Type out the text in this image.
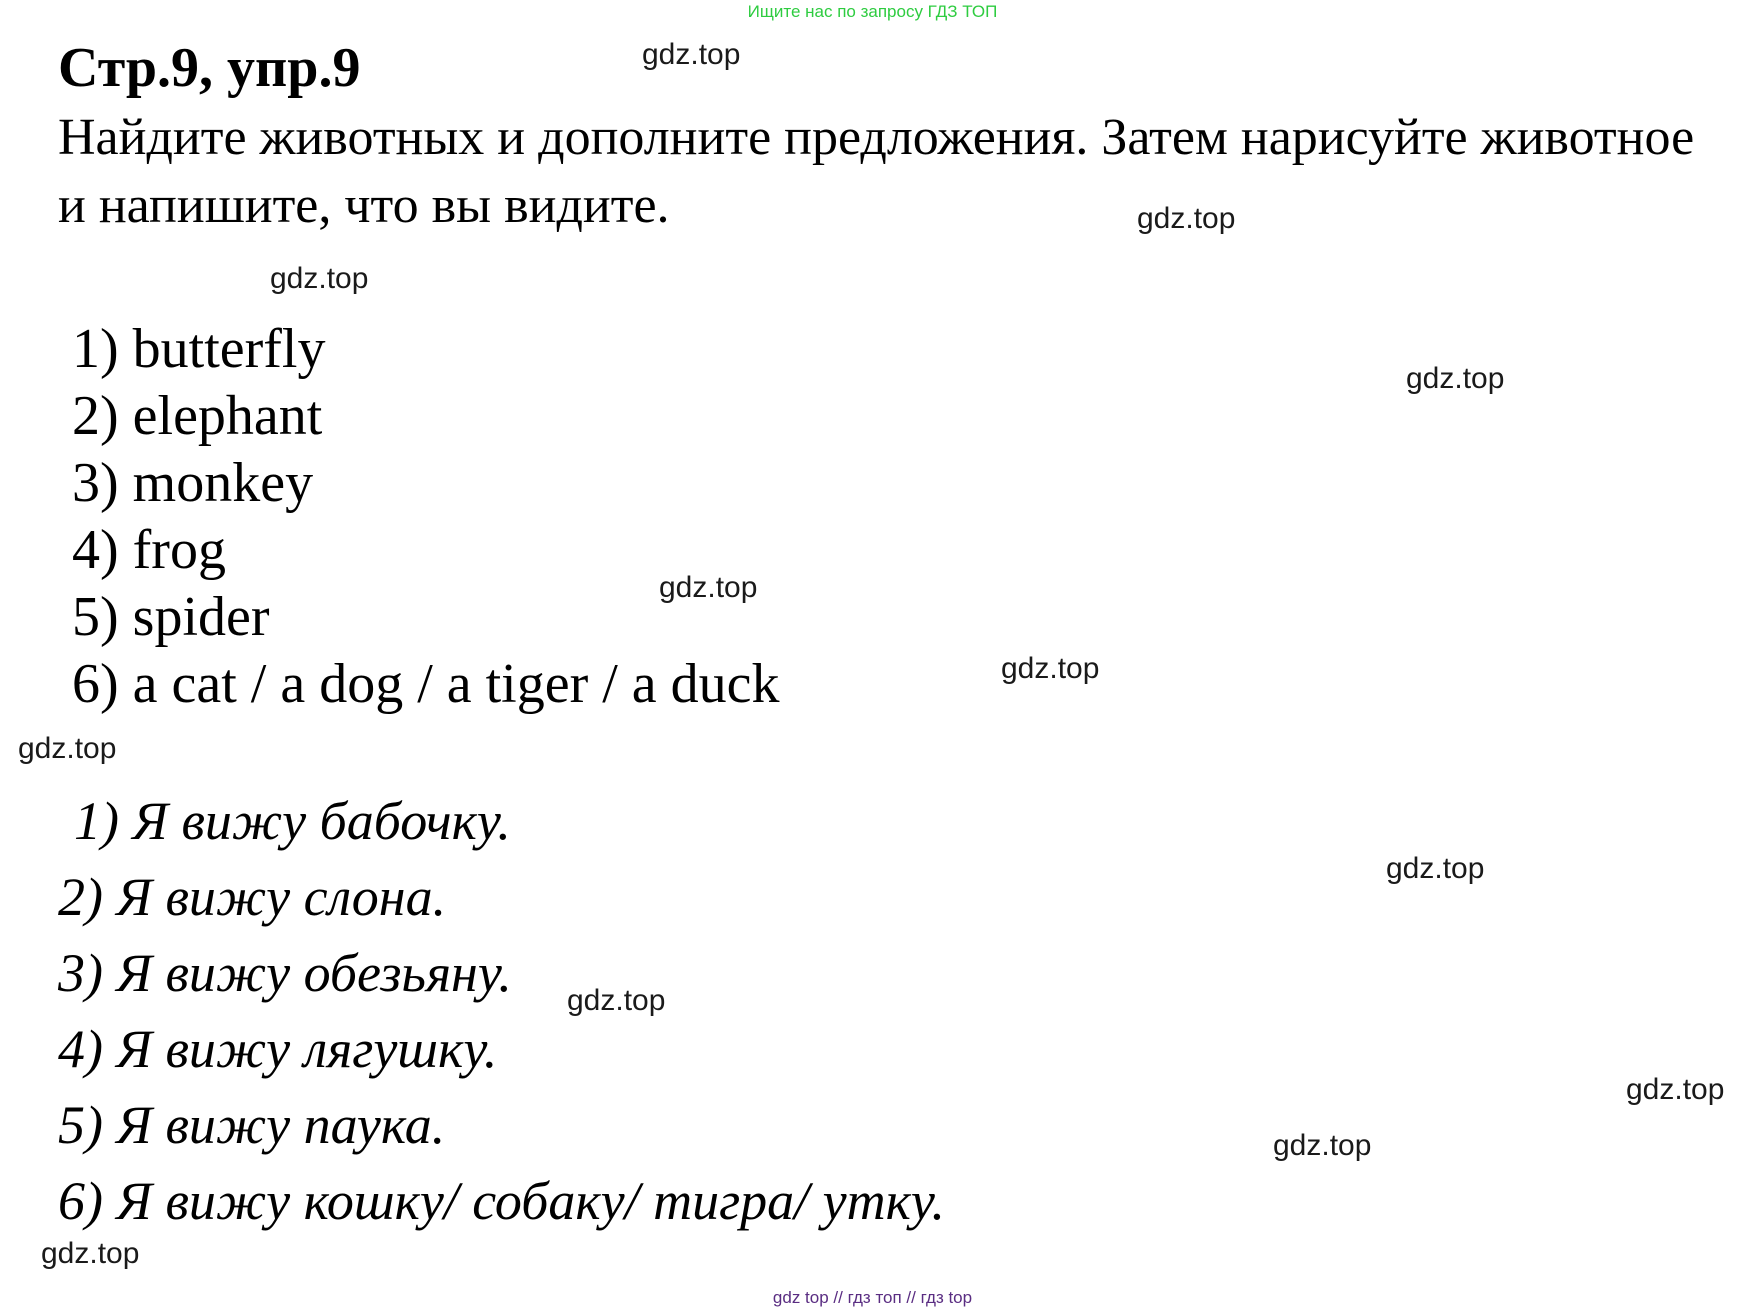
Ищите нас по запросу ГДЗ ТОП
Стр.9, упр.9
Найдите животных и дополните предложения. Затем нарисуйте животное и напишите, что вы видите.
1) butterfly
2) elephant
3) monkey
4) frog
5) spider
6) a cat / a dog / a tiger / a duck
1) Я вижу бабочку.
2) Я вижу слона.
3) Я вижу обезьяну.
4) Я вижу лягушку.
5) Я вижу паука.
6) Я вижу кошку/ собаку/ тигра/ утку.
gdz.top
gdz.top
gdz.top
gdz.top
gdz.top
gdz.top
gdz.top
gdz.top
gdz.top
gdz.top
gdz.top
gdz.top
gdz top // гдз топ // гдз top
